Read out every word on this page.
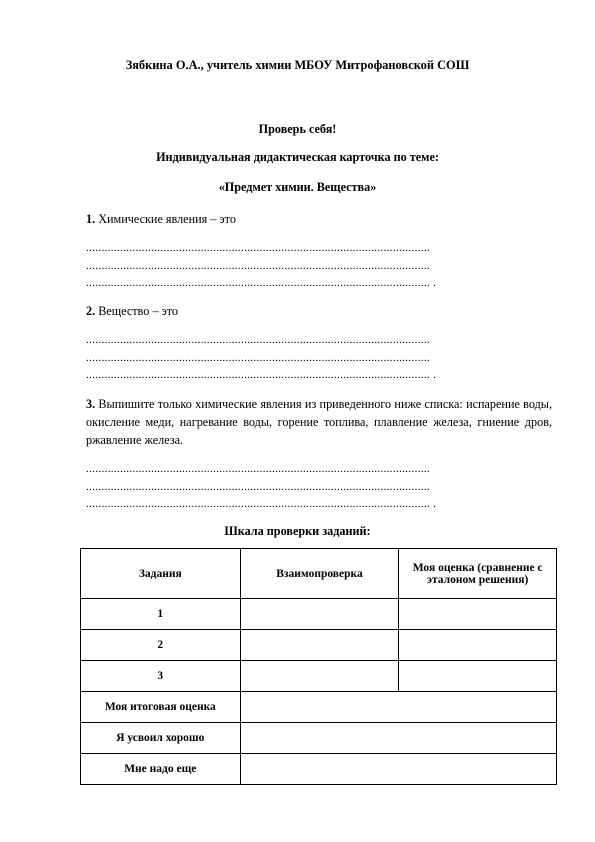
Зябкина О.А., учитель химии МБОУ Митрофановской СОШ
Проверь себя!
Индивидуальная дидактическая карточка по теме:
«Предмет химии. Вещества»
1. Химические явления – это
...............................................................................................................
...............................................................................................................
............................................................................................................... .
2. Вещество – это
...............................................................................................................
...............................................................................................................
............................................................................................................... .
3. Выпишите только химические явления из приведенного ниже списка: испарение воды, окисление меди, нагревание воды, горение топлива, плавление железа, гниение дров, ржавление железа.
...............................................................................................................
...............................................................................................................
............................................................................................................... .
Шкала проверки заданий:
Задания	Взаимопроверка	Моя оценка (сравнение с эталоном решения)
1		
2		
3		
Моя итоговая оценка		
Я усвоил хорошо		
Мне надо еще		
